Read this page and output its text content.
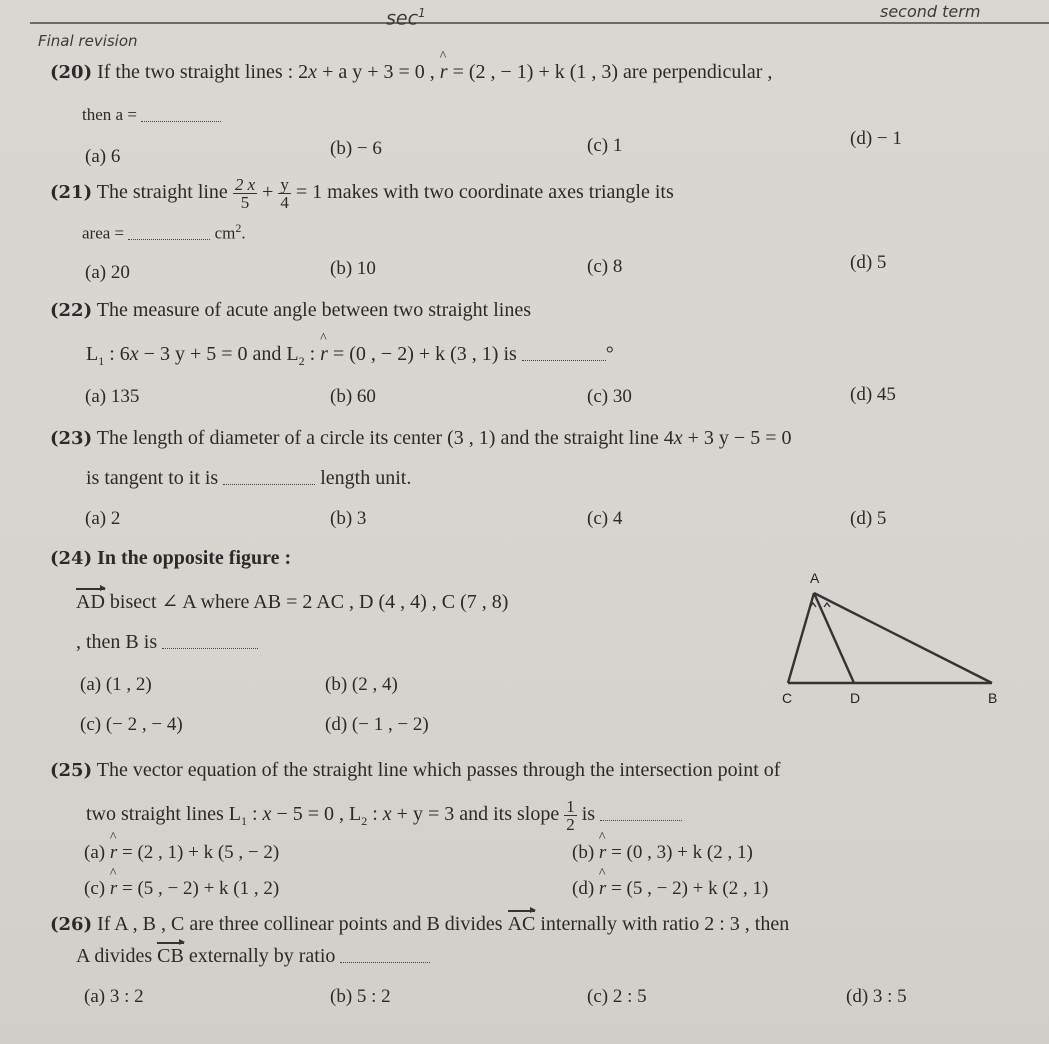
Final revision
$\sec^1$	second term
(20) If the two straight lines : 2x + a y + 3 = 0 , ^ r = (2 , − 1) + k (1 , 3) are perpendicular ,
then a =
(a) 6	(b) − 6	(c) 1	(d) − 1
(21) The straight line $\frac{2 x}{5} + \frac{y}{4} = 1$ makes with two coordinate axes triangle its
area =	$cm^2$.
(a) 20	(b) 10	(c) 8	(d) 5
(22) The measure of acute angle between two straight lines
$L_1$ : 6x − 3 y + 5 = 0 and $L_2$ : ^ r = (0 , − 2) + k (3 , 1) is	°
(a) 135	(b) 60	(c) 30	(d) 45
(23) The length of diameter of a circle its center (3 , 1) and the straight line 4x + 3 y − 5 = 0
is tangent to it is	length unit.
(a) 2	(b) 3	(c) 4	(d) 5
(24) In the opposite figure :
AD bisect ∠ A where AB = 2 AC , D (4 , 4) , C (7 , 8)
, then B is
(a) (1 , 2)	(b) (2 , 4)
(c) (− 2 , − 4)	(d) (− 1 , − 2)
A
C	D	B
(25) The vector equation of the straight line which passes through the intersection point of
two straight lines $L_1$ : x − 5 = 0 , $L_2$ : x + y = 3 and its slope $\frac{1}{2}$ is
(a) ^ r = (2 , 1) + k (5 , − 2)	(b) ^ r = (0 , 3) + k (2 , 1)
(c) ^ r = (5 , − 2) + k (1 , 2)	(d) ^ r = (5 , − 2) + k (2 , 1)
(26) If A , B , C are three collinear points and B divides AC internally with ratio 2 : 3 , then
A divides CB externally by ratio
(a) 3 : 2	(b) 5 : 2	(c) 2 : 5	(d) 3 : 5
